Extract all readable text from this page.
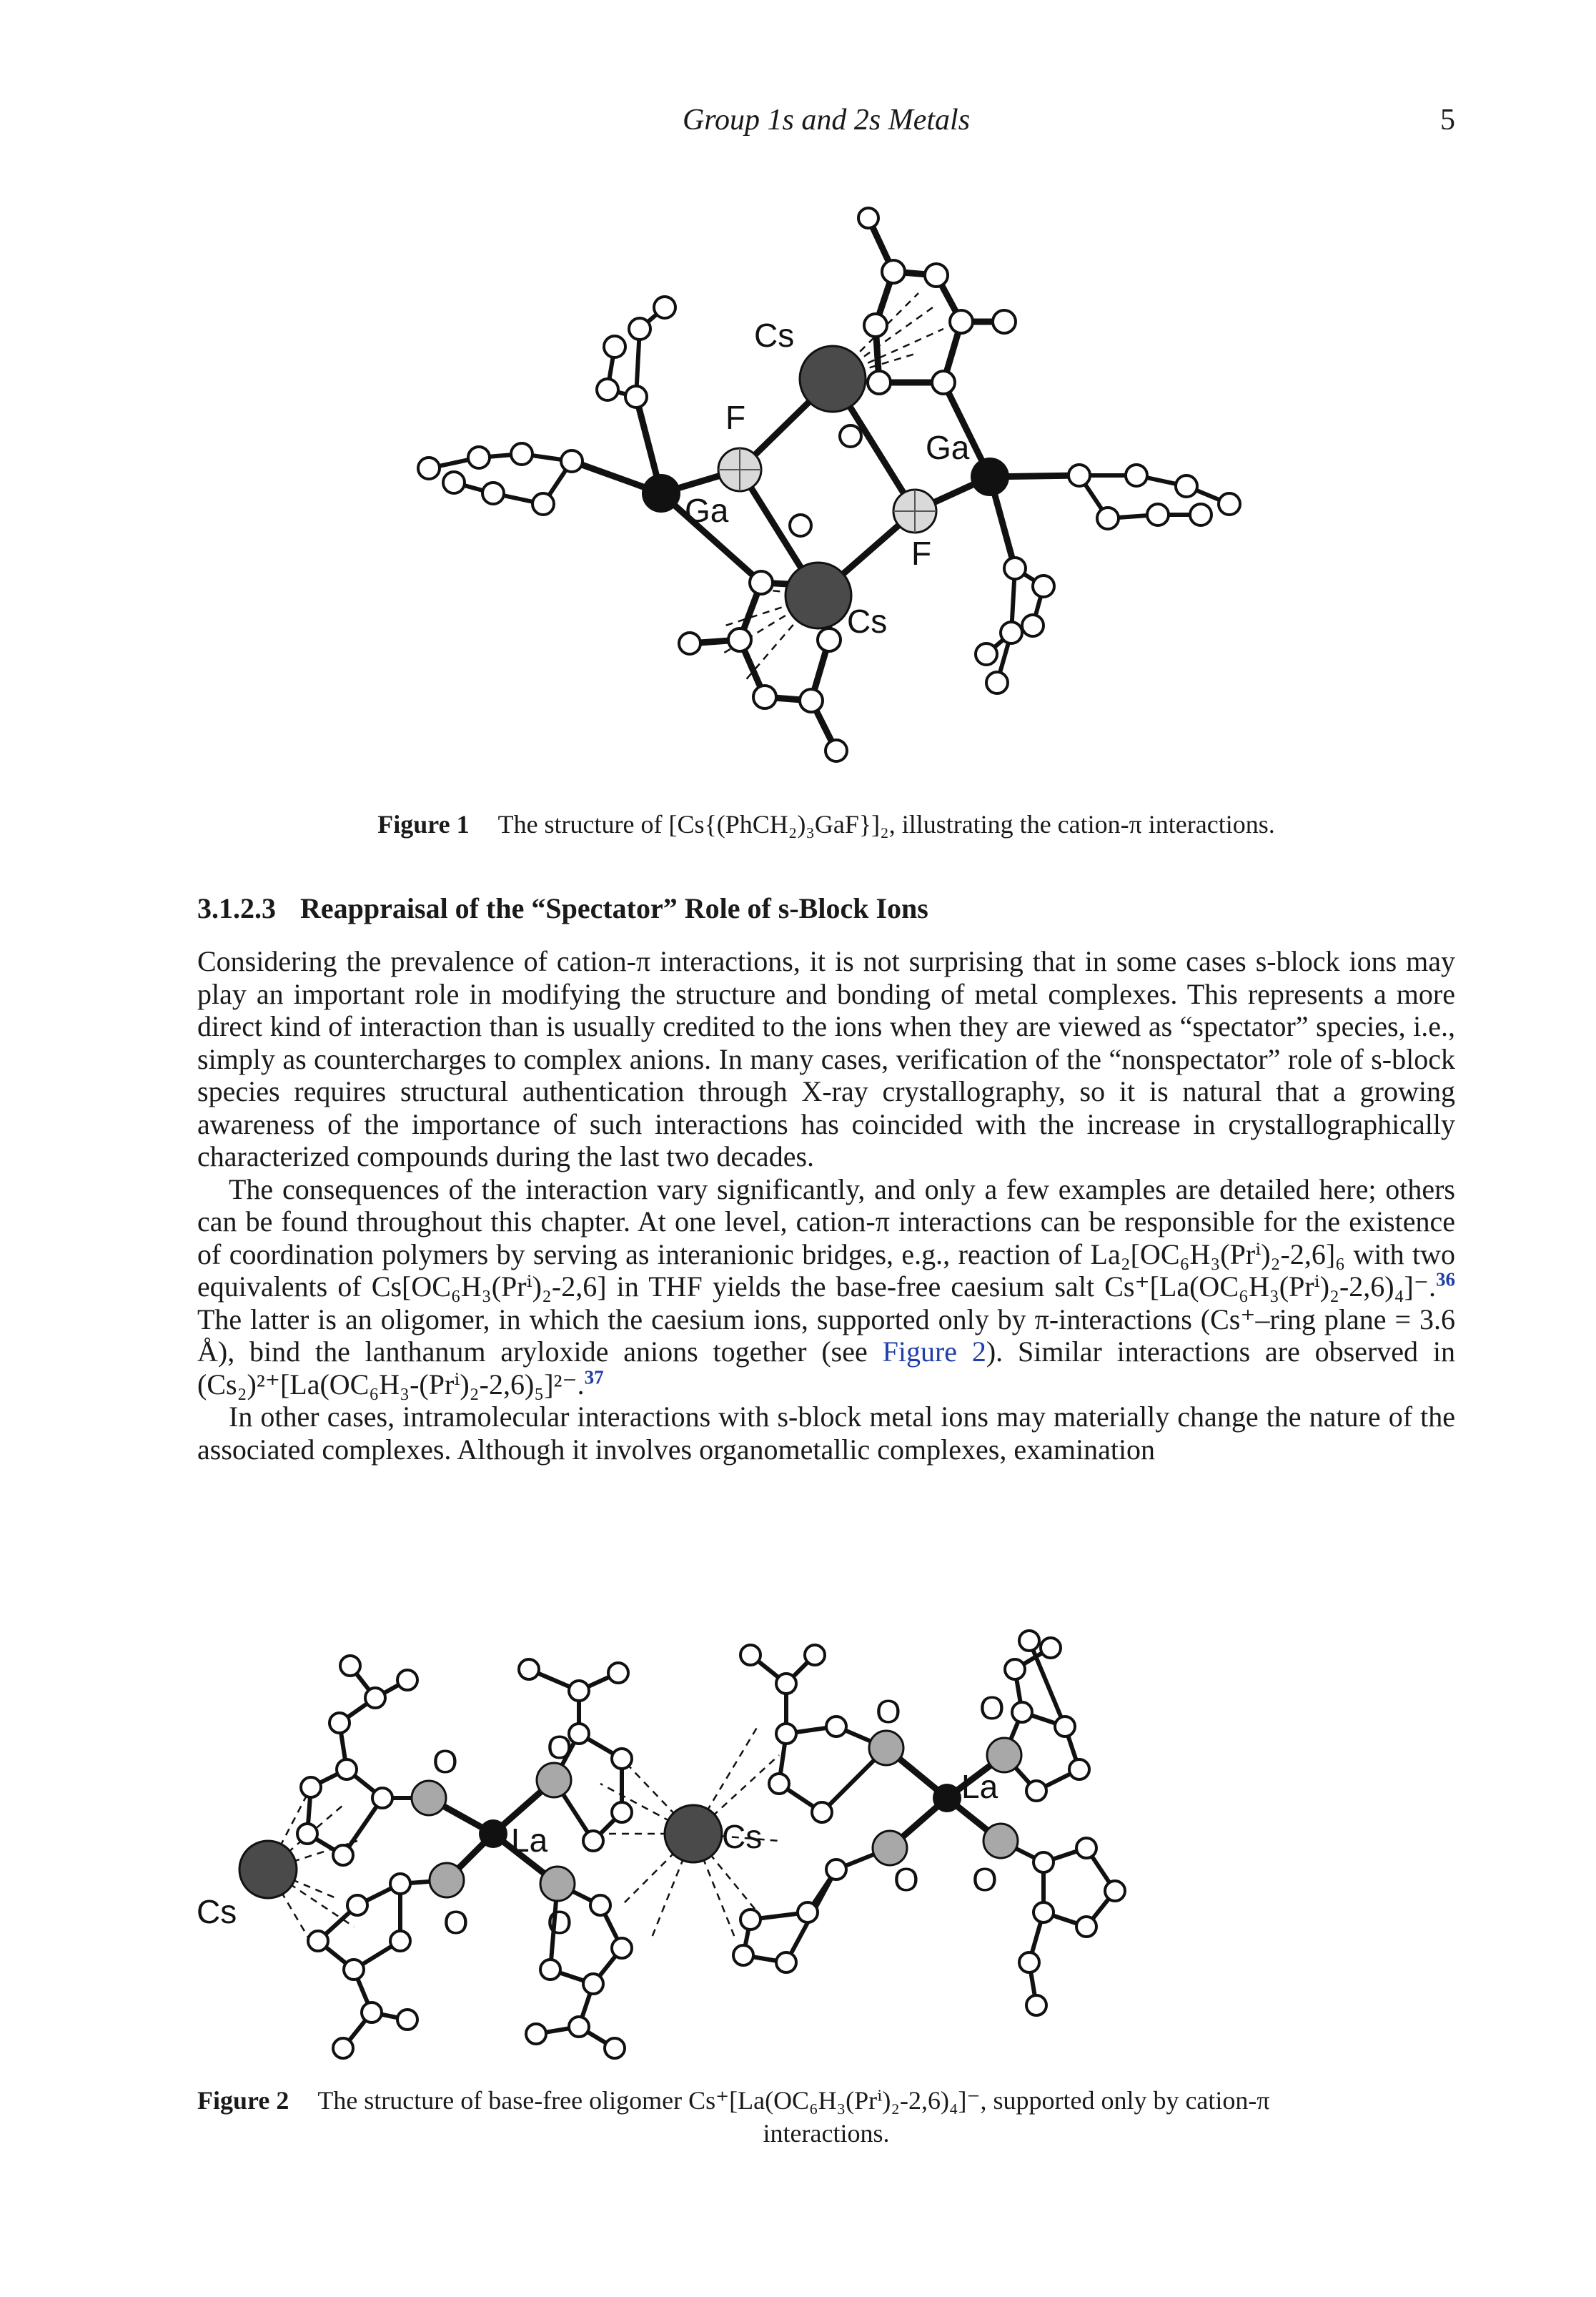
Group 1s and 2s Metals	5
Cs
Cs
Ga
Ga
F
F
Figure 1 The structure of [Cs{(PhCH₂)₃GaF}]₂, illustrating the cation-π interactions.
3.1.2.3 Reappraisal of the “Spectator” Role of s-Block Ions

Considering the prevalence of cation-π interactions, it is not surprising that in some cases s-block ions may play an important role in modifying the structure and bonding of metal complexes. This represents a more direct kind of interaction than is usually credited to the ions when they are viewed as “spectator” species, i.e., simply as countercharges to complex anions. In many cases, verification of the “nonspectator” role of s-block species requires structural authentication through X-ray crystallography, so it is natural that a growing awareness of the importance of such interactions has coincided with the increase in crystallographically characterized compounds during the last two decades.

The consequences of the interaction vary significantly, and only a few examples are detailed here; others can be found throughout this chapter. At one level, cation-π interactions can be responsible for the existence of coordination polymers by serving as interanionic bridges, e.g., reaction of La₂[OC₆H₃(Prⁱ)₂-2,6]₆ with two equivalents of Cs[OC₆H₃(Prⁱ)₂-2,6] in THF yields the base-free caesium salt Cs⁺[La(OC₆H₃(Prⁱ)₂-2,6)₄]⁻.$^{36}$ The latter is an oligomer, in which the caesium ions, supported only by π-interactions (Cs⁺–ring plane = 3.6 Å), bind the lanthanum aryloxide anions together (see Figure 2). Similar interactions are observed in (Cs₂)²⁺[La(OC₆H₃-(Prⁱ)₂-2,6)₅]²⁻.$^{37}$

In other cases, intramolecular interactions with s-block metal ions may materially change the nature of the associated complexes. Although it involves organometallic complexes, examination

Cs
Cs
La
La
O
O
O
O
O O
O O
Figure 2 The structure of base-free oligomer Cs⁺[La(OC₆H₃(Prⁱ)₂-2,6)₄]⁻, supported only by cation-π
interactions.
